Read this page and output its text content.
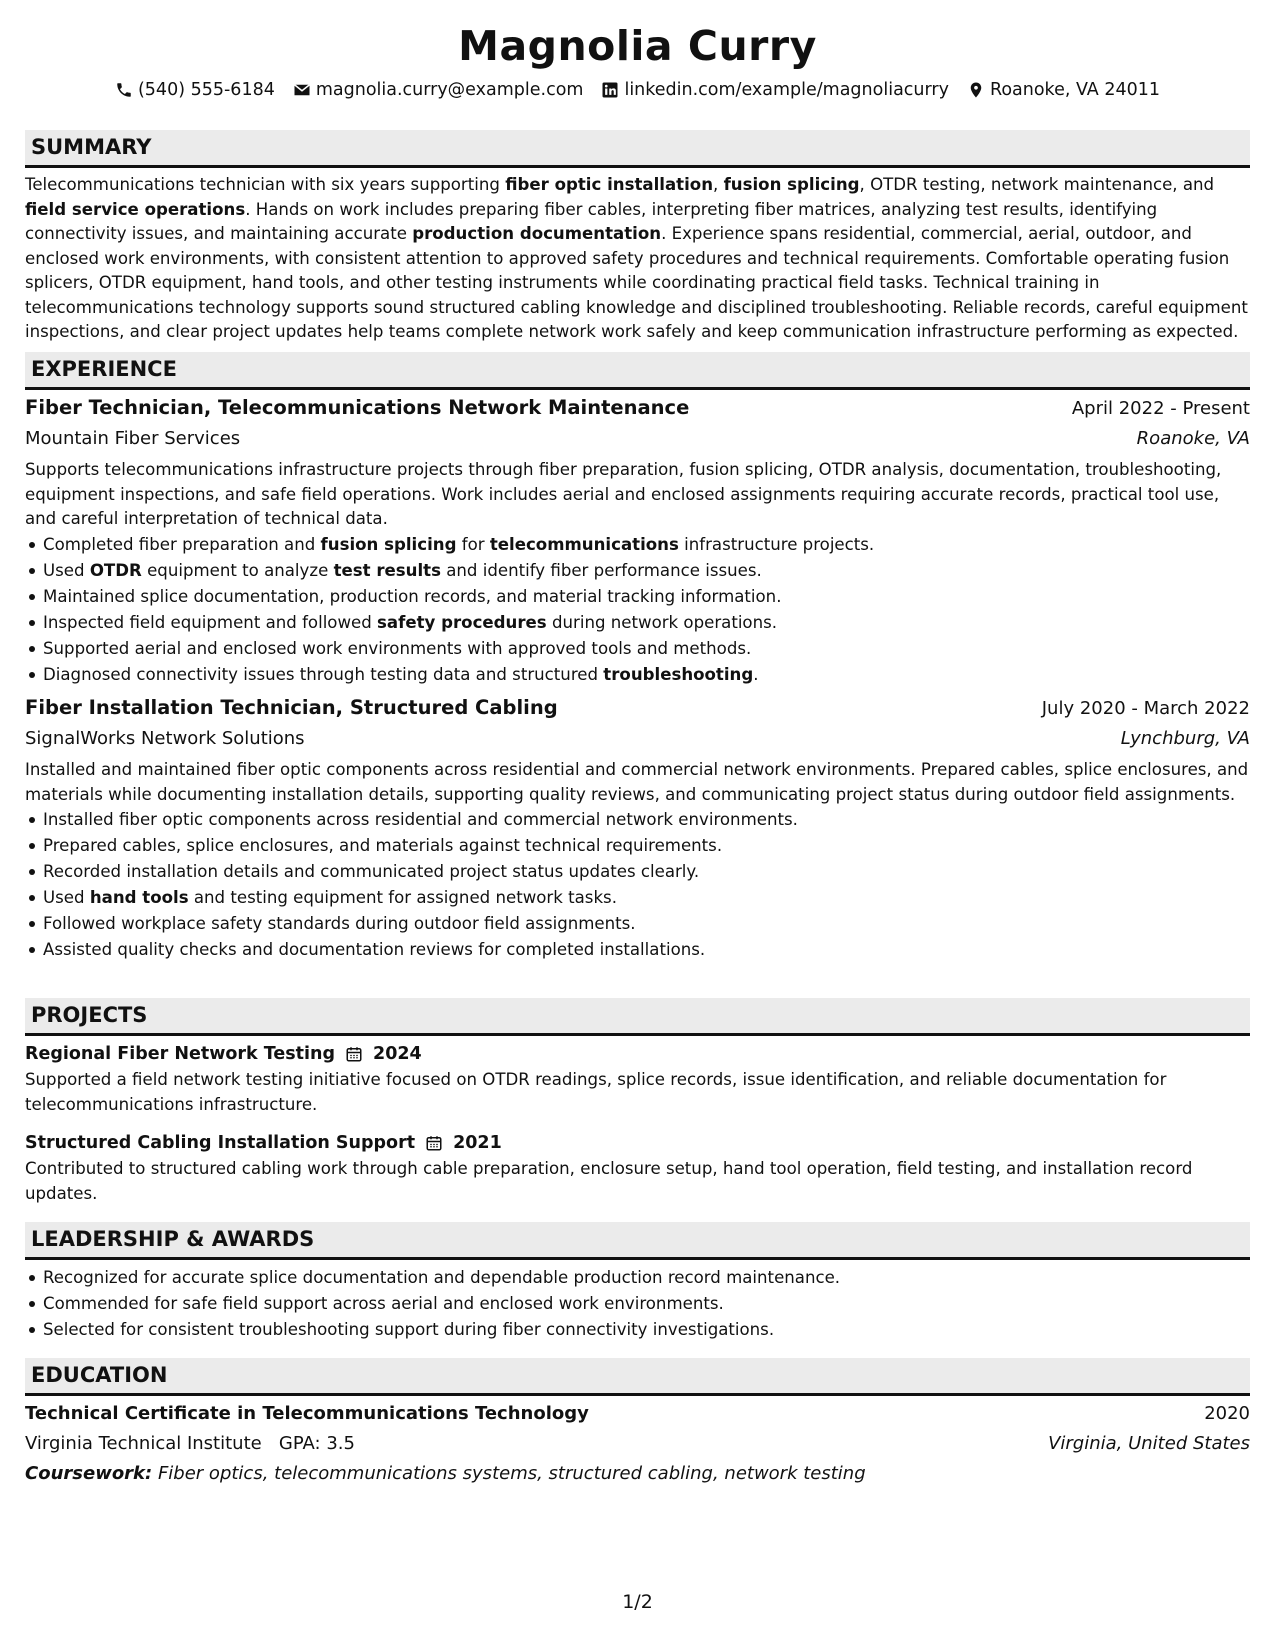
Magnolia Curry
(540) 555-6184 magnolia.curry@example.com linkedin.com/example/magnoliacurry Roanoke, VA 24011
SUMMARY
Telecommunications technician with six years supporting fiber optic installation, fusion splicing, OTDR testing, network maintenance, and field service operations. Hands on work includes preparing fiber cables, interpreting fiber matrices, analyzing test results, identifying connectivity issues, and maintaining accurate production documentation. Experience spans residential, commercial, aerial, outdoor, and enclosed work environments, with consistent attention to approved safety procedures and technical requirements. Comfortable operating fusion splicers, OTDR equipment, hand tools, and other testing instruments while coordinating practical field tasks. Technical training in telecommunications technology supports sound structured cabling knowledge and disciplined troubleshooting. Reliable records, careful equipment inspections, and clear project updates help teams complete network work safely and keep communication infrastructure performing as expected.
EXPERIENCE
Fiber Technician, Telecommunications Network Maintenance	April 2022 - Present
Mountain Fiber Services	Roanoke, VA
Supports telecommunications infrastructure projects through fiber preparation, fusion splicing, OTDR analysis, documentation, troubleshooting, equipment inspections, and safe field operations. Work includes aerial and enclosed assignments requiring accurate records, practical tool use, and careful interpretation of technical data.
Completed fiber preparation and fusion splicing for telecommunications infrastructure projects.
Used OTDR equipment to analyze test results and identify fiber performance issues.
Maintained splice documentation, production records, and material tracking information.
Inspected field equipment and followed safety procedures during network operations.
Supported aerial and enclosed work environments with approved tools and methods.
Diagnosed connectivity issues through testing data and structured troubleshooting.
Fiber Installation Technician, Structured Cabling	July 2020 - March 2022
SignalWorks Network Solutions	Lynchburg, VA
Installed and maintained fiber optic components across residential and commercial network environments. Prepared cables, splice enclosures, and materials while documenting installation details, supporting quality reviews, and communicating project status during outdoor field assignments.
Installed fiber optic components across residential and commercial network environments.
Prepared cables, splice enclosures, and materials against technical requirements.
Recorded installation details and communicated project status updates clearly.
Used hand tools and testing equipment for assigned network tasks.
Followed workplace safety standards during outdoor field assignments.
Assisted quality checks and documentation reviews for completed installations.
PROJECTS
Regional Fiber Network Testing 2024
Supported a field network testing initiative focused on OTDR readings, splice records, issue identification, and reliable documentation for telecommunications infrastructure.
Structured Cabling Installation Support 2021
Contributed to structured cabling work through cable preparation, enclosure setup, hand tool operation, field testing, and installation record updates.
LEADERSHIP & AWARDS
Recognized for accurate splice documentation and dependable production record maintenance.
Commended for safe field support across aerial and enclosed work environments.
Selected for consistent troubleshooting support during fiber connectivity investigations.
EDUCATION
Technical Certificate in Telecommunications Technology	2020
Virginia Technical Institute GPA: 3.5	Virginia, United States
Coursework: Fiber optics, telecommunications systems, structured cabling, network testing
1/2
